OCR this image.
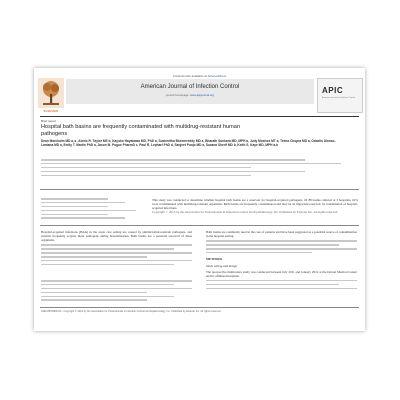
Contents lists available at ScienceDirect
ELSEVIER
American Journal of Infection Control
journal homepage: www.ajicjournal.org	APIC
American Journal of Infection Control
Brief report
Hospital bath basins are frequently contaminated with multidrug-resistant human pathogens
Dean Marchaim MD a,∗, Alexis R. Taylor MS b, Kayoko Hayakawa MD, PhD a, Sushmitha Bheemreddy MD a, Bharath Sunkara MD, MPH a, Judy Moshos MT a, Teena Chopra MD a, Odaelis Alonso-Lantana MD a, Emily T. Martin PhD a, Jason M. Pogue PharmD c, Paul R. Lephart PhD d, Sanjeet Punjo MD a, Suzana Sherif MD b, Keith S. Kaye MD, MPH a,b
This study was conducted to determine whether hospital bath basins are a reservoir for hospital-acquired pathogens. Of 88 basins cultured at 3 hospitals, 62% were contaminated with multidrug-resistant organisms. Bath basins are frequently contaminated and may be an important reservoir for transmission of hospital-acquired infections.
Copyright © 2013 by the Association for Professionals in Infection Control and Epidemiology, Inc. Published by Elsevier Inc. All rights reserved.
Hospital-acquired infections (HAIs) in the acute care setting are caused by antimicrobial-resistant pathogens, and patients frequently acquire these pathogens during hospitalization. Bath basins are a potential reservoir of these organisms.
Bath basins are commonly used in the care of patients and have been suggested as a potential source of contamination in the hospital setting.
METHODS
Study setting and design
The prospective multicenter study was conducted between July 2011 and January 2012 at the Detroit Medical Center and its affiliated hospitals.
0196-6553/$36.00 - Copyright © 2013 by the Association for Professionals in Infection Control and Epidemiology, Inc. Published by Elsevier Inc. All rights reserved.
